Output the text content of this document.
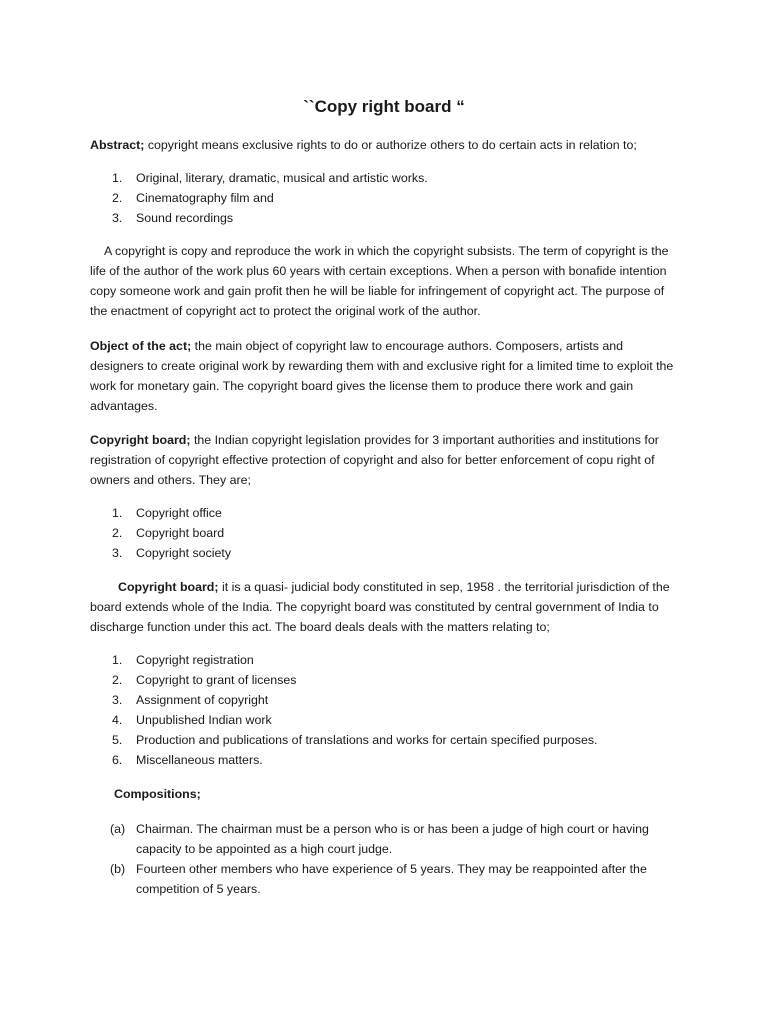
``Copy right board “

Abstract; copyright means exclusive rights to do or authorize others to do certain acts in relation to;

1. Original, literary, dramatic, musical and artistic works.
2. Cinematography film and
3. Sound recordings

A copyright is copy and reproduce the work in which the copyright subsists. The term of copyright is the life of the author of the work plus 60 years with certain exceptions. When a person with bonafide intention copy someone work and gain profit then he will be liable for infringement of copyright act. The purpose of the enactment of copyright act to protect the original work of the author.

Object of the act; the main object of copyright law to encourage authors. Composers, artists and designers to create original work by rewarding them with and exclusive right for a limited time to exploit the work for monetary gain. The copyright board gives the license them to produce there work and gain advantages.

Copyright board; the Indian copyright legislation provides for 3 important authorities and institutions for registration of copyright effective protection of copyright and also for better enforcement of copu right of owners and others. They are;

1. Copyright office
2. Copyright board
3. Copyright society

Copyright board; it is a quasi- judicial body constituted in sep, 1958 . the territorial jurisdiction of the board extends whole of the India. The copyright board was constituted by central government of India to discharge function under this act. The board deals deals with the matters relating to;

1. Copyright registration
2. Copyright to grant of licenses
3. Assignment of copyright
4. Unpublished Indian work
5. Production and publications of translations and works for certain specified purposes.
6. Miscellaneous matters.

Compositions;

(a) Chairman. The chairman must be a person who is or has been a judge of high court or having capacity to be appointed as a high court judge.
(b) Fourteen other members who have experience of 5 years. They may be reappointed after the competition of 5 years.
